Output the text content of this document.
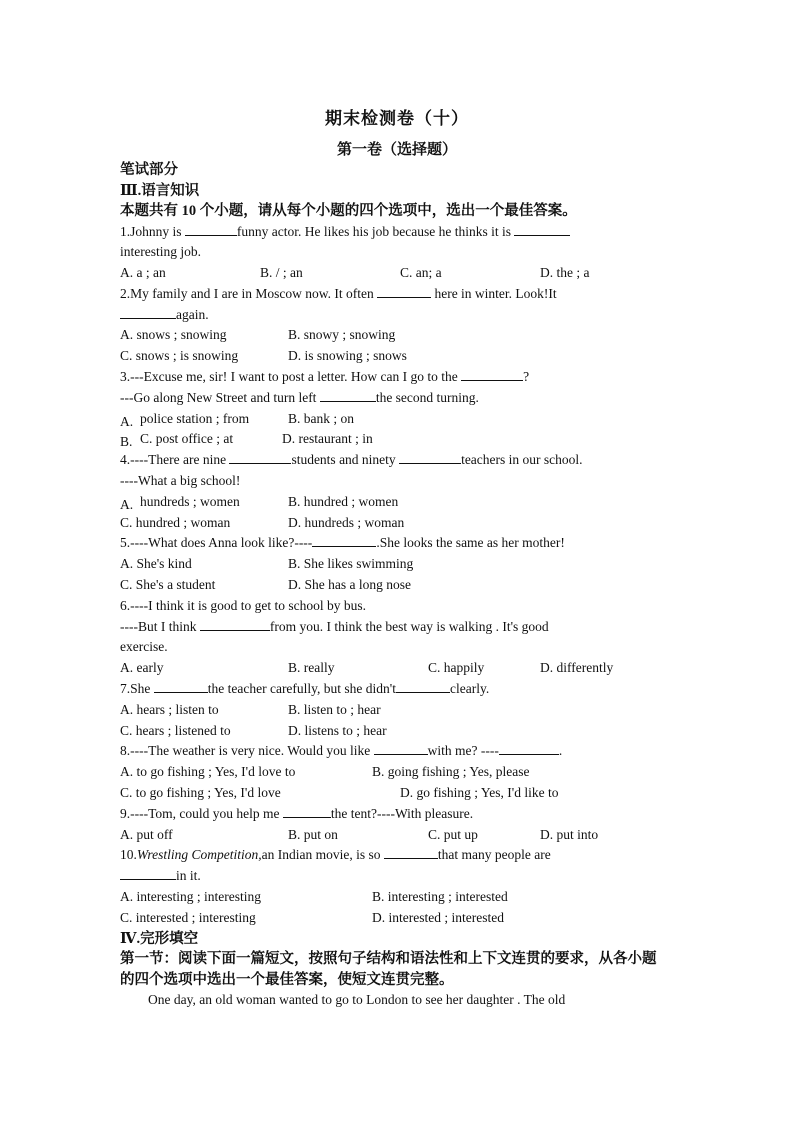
期末检测卷（十）
第一卷（选择题）
笔试部分
Ⅲ.语言知识
本题共有 10 个小题，请从每个小题的四个选项中，选出一个最佳答案。
1.Johnny is	funny actor. He likes his job because he thinks it is
interesting job.
A. a ; an	B. / ; an	C. an; a	D. the ; a
2.My family and I are in Moscow now. It often	here in winter. Look!It
again.
A. snows ; snowing	B. snowy ; snowing
C. snows ; is snowing	D. is snowing ; snows
3.---Excuse me, sir! I want to post a letter. How can I go to the	?
---Go along New Street and turn left	the second turning.
A. police station ; from	B. bank ; on
B. C. post office ; at	D. restaurant ; in
4.----There are nine	students and ninety	teachers in our school.
----What a big school!
A. hundreds ; women	B. hundred ; women
C. hundred ; woman	D. hundreds ; woman
5.----What does Anna look like?----	.She looks the same as her mother!
A. She's kind	B. She likes swimming
C. She's a student	D. She has a long nose
6.----I think it is good to get to school by bus.
----But I think	from you. I think the best way is walking . It's good
exercise.
A. early	B. really	C. happily	D. differently
7.She	the teacher carefully, but she didn't	clearly.
A. hears ; listen to	B. listen to ; hear
C. hears ; listened to	D. listens to ; hear
8.----The weather is very nice. Would you like	with me? ----	.
A. to go fishing ; Yes, I'd love to	B. going fishing ; Yes, please
C. to go fishing ; Yes, I'd love	D. go fishing ; Yes, I'd like to
9.----Tom, could you help me	the tent?----With pleasure.
A. put off	B. put on	C. put up	D. put into
10.Wrestling Competition,an Indian movie, is so	that many people are
in it.
A. interesting ; interesting	B. interesting ; interested
C. interested ; interesting	D. interested ; interested
Ⅳ.完形填空
第一节：阅读下面一篇短文，按照句子结构和语法性和上下文连贯的要求，从各小题的四个选项中选出一个最佳答案，使短文连贯完整。
One day, an old woman wanted to go to London to see her daughter . The old
